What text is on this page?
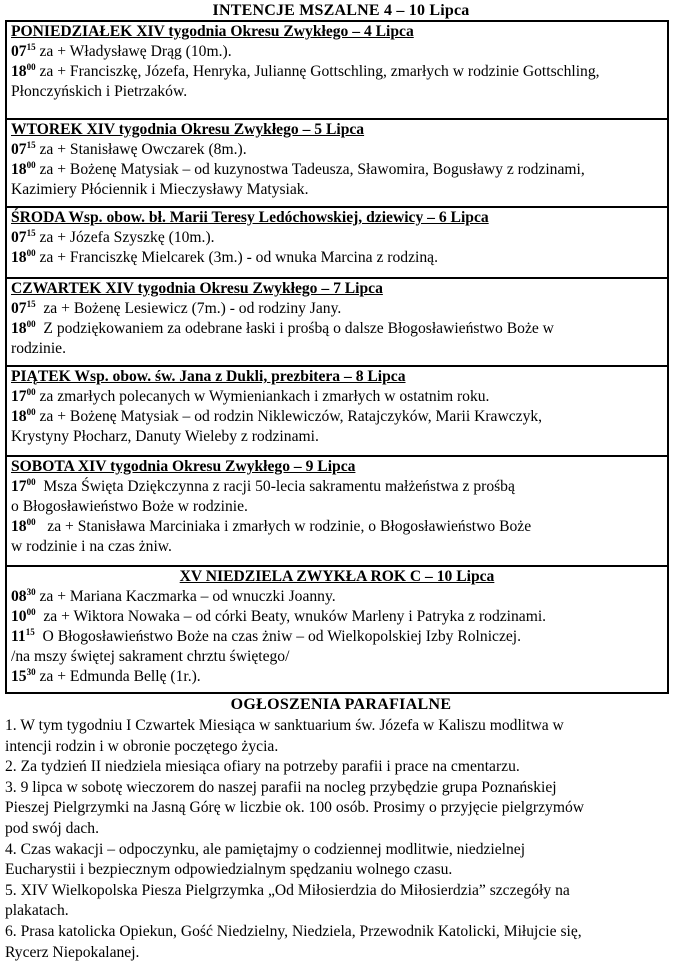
INTENCJE MSZALNE 4 – 10 Lipca
PONIEDZIAŁEK XIV tygodnia Okresu Zwykłego – 4 Lipca
$07^{15}$ za + Władysławę Drąg (10m.).
$18^{00}$ za + Franciszkę, Józefa, Henryka, Juliannę Gottschling, zmarłych w rodzinie Gottschling,
Płonczyńskich i Pietrzaków.
WTOREK XIV tygodnia Okresu Zwykłego – 5 Lipca
$07^{15}$ za + Stanisławę Owczarek (8m.).
$18^{00}$ za + Bożenę Matysiak – od kuzynostwa Tadeusza, Sławomira, Bogusławy z rodzinami,
Kazimiery Płóciennik i Mieczysławy Matysiak.
ŚRODA Wsp. obow. bł. Marii Teresy Ledóchowskiej, dziewicy – 6 Lipca
$07^{15}$ za + Józefa Szyszkę (10m.).
$18^{00}$ za + Franciszkę Mielcarek (3m.) - od wnuka Marcina z rodziną.
CZWARTEK XIV tygodnia Okresu Zwykłego – 7 Lipca
$07^{15}$  za + Bożenę Lesiewicz (7m.) - od rodziny Jany.
$18^{00}$  Z podziękowaniem za odebrane łaski i prośbą o dalsze Błogosławieństwo Boże w
rodzinie.
PIĄTEK Wsp. obow. św. Jana z Dukli, prezbitera – 8 Lipca
$17^{00}$ za zmarłych polecanych w Wymieniankach i zmarłych w ostatnim roku.
$18^{00}$ za + Bożenę Matysiak – od rodzin Niklewiczów, Ratajczyków, Marii Krawczyk,
Krystyny Płocharz, Danuty Wieleby z rodzinami.
SOBOTA XIV tygodnia Okresu Zwykłego – 9 Lipca
$17^{00}$  Msza Święta Dziękczynna z racji 50-lecia sakramentu małżeństwa z prośbą
o Błogosławieństwo Boże w rodzinie.
$18^{00}$   za + Stanisława Marciniaka i zmarłych w rodzinie, o Błogosławieństwo Boże
w rodzinie i na czas żniw.
XV NIEDZIELA ZWYKŁA ROK C – 10 Lipca
$08^{30}$ za + Mariana Kaczmarka – od wnuczki Joanny.
$10^{00}$  za + Wiktora Nowaka – od córki Beaty, wnuków Marleny i Patryka z rodzinami.
$11^{15}$  O Błogosławieństwo Boże na czas żniw – od Wielkopolskiej Izby Rolniczej.
/na mszy świętej sakrament chrztu świętego/
$15^{30}$ za + Edmunda Bellę (1r.).
OGŁOSZENIA PARAFIALNE
1. W tym tygodniu I Czwartek Miesiąca w sanktuarium św. Józefa w Kaliszu modlitwa w
intencji rodzin i w obronie poczętego życia.
2. Za tydzień II niedziela miesiąca ofiary na potrzeby parafii i prace na cmentarzu.
3. 9 lipca w sobotę wieczorem do naszej parafii na nocleg przybędzie grupa Poznańskiej
Pieszej Pielgrzymki na Jasną Górę w liczbie ok. 100 osób. Prosimy o przyjęcie pielgrzymów
pod swój dach.
4. Czas wakacji – odpoczynku, ale pamiętajmy o codziennej modlitwie, niedzielnej
Eucharystii i bezpiecznym odpowiedzialnym spędzaniu wolnego czasu.
5. XIV Wielkopolska Piesza Pielgrzymka „Od Miłosierdzia do Miłosierdzia” szczegóły na
plakatach.
6. Prasa katolicka Opiekun, Gość Niedzielny, Niedziela, Przewodnik Katolicki, Miłujcie się,
Rycerz Niepokalanej.
